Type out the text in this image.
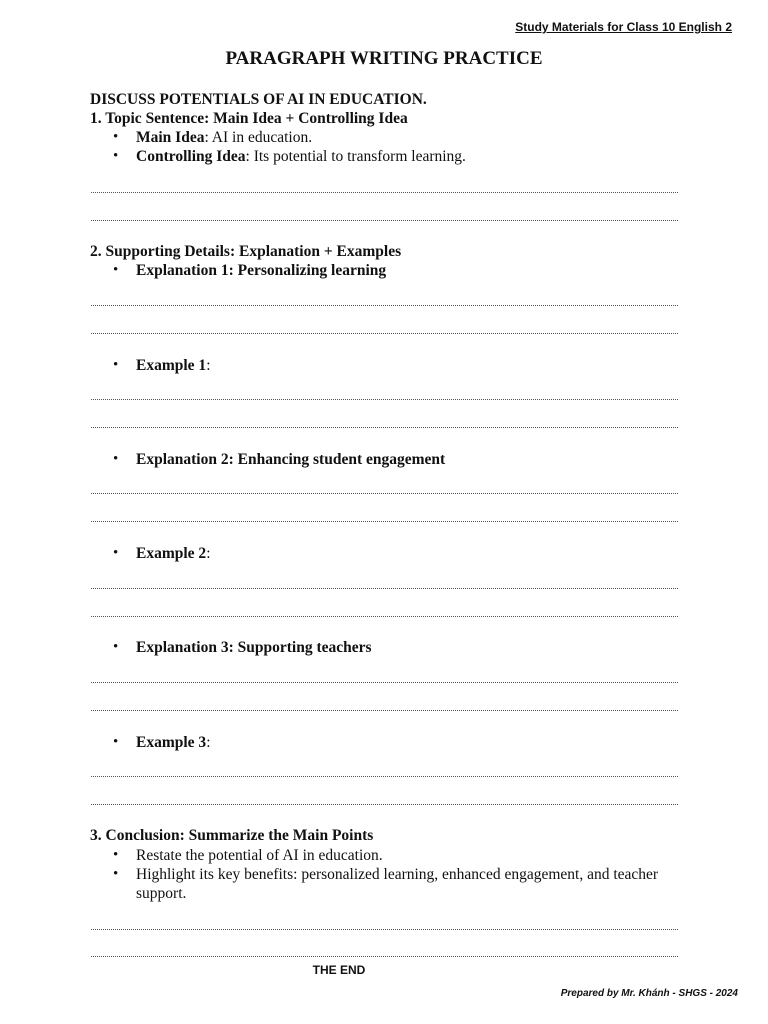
Study Materials for Class 10 English 2
PARAGRAPH WRITING PRACTICE
DISCUSS POTENTIALS OF AI IN EDUCATION.
1. Topic Sentence: Main Idea + Controlling Idea
•	Main Idea: AI in education.
•	Controlling Idea: Its potential to transform learning.
2. Supporting Details: Explanation + Examples
•	Explanation 1: Personalizing learning
•	Example 1:
•	Explanation 2: Enhancing student engagement
•	Example 2:
•	Explanation 3: Supporting teachers
•	Example 3:
3. Conclusion: Summarize the Main Points
•	Restate the potential of AI in education.
•	Highlight its key benefits: personalized learning, enhanced engagement, and teacher
support.
THE END
Prepared by Mr. Khánh - SHGS - 2024
